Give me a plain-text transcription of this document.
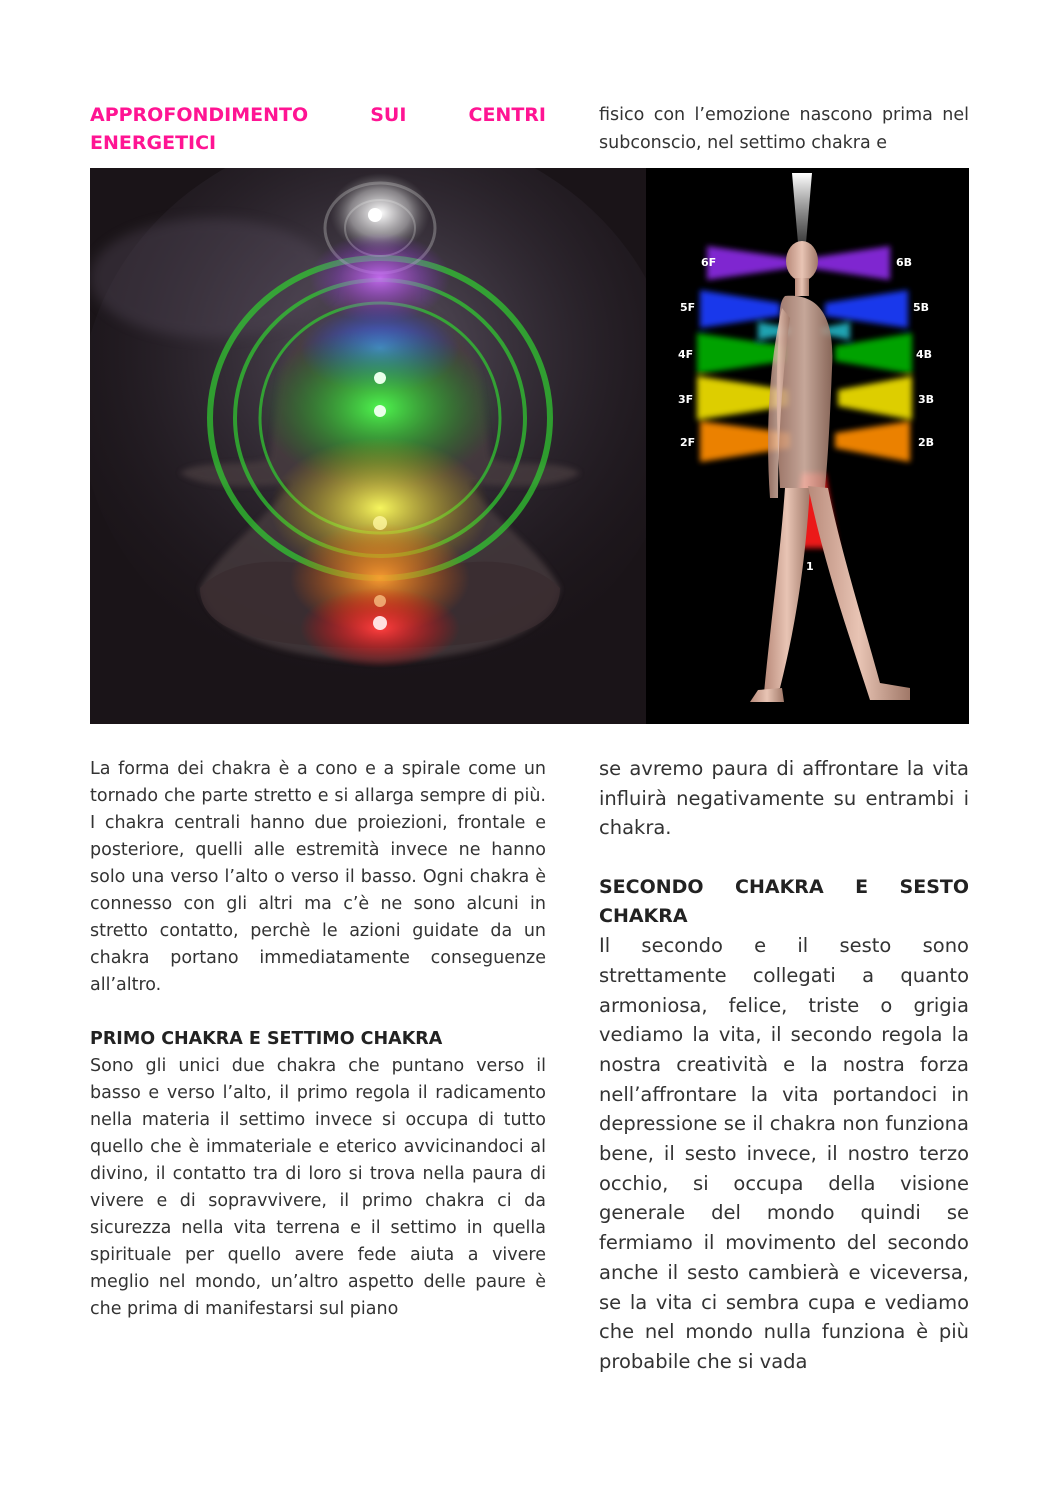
APPROFONDIMENTO SUI CENTRI

ENERGETICI

fisico con l’emozione nascono prima nel subconscio, nel settimo chakra e

6F
5F
4F
3F
2F
6B
5B
4B
3B
2B
1

La forma dei chakra è a cono e a spirale come un tornado che parte stretto e si allarga sempre di più. I chakra centrali hanno due proiezioni, frontale e posteriore, quelli alle estremità invece ne hanno solo una verso l’alto o verso il basso. Ogni chakra è connesso con gli altri ma c’è ne sono alcuni in stretto contatto, perchè le azioni guidate da un chakra portano immediatamente conseguenze all’altro.

PRIMO CHAKRA E SETTIMO CHAKRA

Sono gli unici due chakra che puntano verso il basso e verso l’alto, il primo regola il radicamento nella materia il settimo invece si occupa di tutto quello che è immateriale e eterico avvicinandoci al divino, il contatto tra di loro si trova nella paura di vivere e di sopravvivere, il primo chakra ci da sicurezza nella vita terrena e il settimo in quella spirituale per quello avere fede aiuta a vivere meglio nel mondo, un’altro aspetto delle paure è che prima di manifestarsi sul piano

se avremo paura di affrontare la vita influirà negativamente su entrambi i chakra.

SECONDO CHAKRA E SESTO CHAKRA

Il secondo e il sesto sono strettamente collegati a quanto armoniosa, felice, triste o grigia vediamo la vita, il secondo regola la nostra creatività e la nostra forza nell’affrontare la vita portandoci in depressione se il chakra non funziona bene, il sesto invece, il nostro terzo occhio, si occupa della visione generale del mondo quindi se fermiamo il movimento del secondo anche il sesto cambierà e viceversa, se la vita ci sembra cupa e vediamo che nel mondo nulla funziona è più probabile che si vada
